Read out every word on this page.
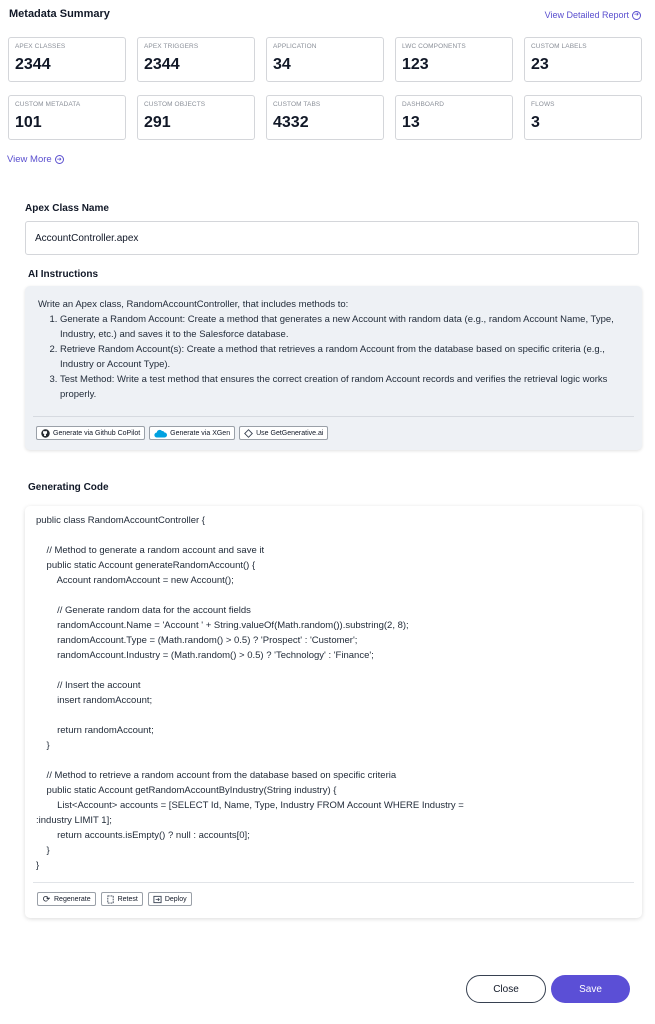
Metadata Summary	View Detailed Report ➜
APEX CLASSES
2344
APEX TRIGGERS
2344
APPLICATION
34
LWC COMPONENTS
123
CUSTOM LABELS
23
CUSTOM METADATA
101
CUSTOM OBJECTS
291
CUSTOM TABS
4332
DASHBOARD
13
FLOWS
3
View More ➜
Apex Class Name
AccountController.apex
AI Instructions
Write an Apex class, RandomAccountController, that includes methods to:
1. Generate a Random Account: Create a method that generates a new Account with random data (e.g., random Account Name, Type, Industry, etc.) and saves it to the Salesforce database.
2. Retrieve Random Account(s): Create a method that retrieves a random Account from the database based on specific criteria (e.g., Industry or Account Type).
3. Test Method: Write a test method that ensures the correct creation of random Account records and verifies the retrieval logic works properly.
Generate via Github CoPilot	Generate via XGen	Use GetGenerative.ai
Generating Code
public class RandomAccountController {

// Method to generate a random account and save it
public static Account generateRandomAccount() {
Account randomAccount = new Account();

// Generate random data for the account fields
randomAccount.Name = 'Account ' + String.valueOf(Math.random()).substring(2, 8);
randomAccount.Type = (Math.random() > 0.5) ? 'Prospect' : 'Customer';
randomAccount.Industry = (Math.random() > 0.5) ? 'Technology' : 'Finance';

// Insert the account
insert randomAccount;

return randomAccount;
}

// Method to retrieve a random account from the database based on specific criteria
public static Account getRandomAccountByIndustry(String industry) {
List<Account> accounts = [SELECT Id, Name, Type, Industry FROM Account WHERE Industry =
:industry LIMIT 1];
return accounts.isEmpty() ? null : accounts[0];
}
}
⟳ Regenerate	Retest	Deploy
Close	Save
